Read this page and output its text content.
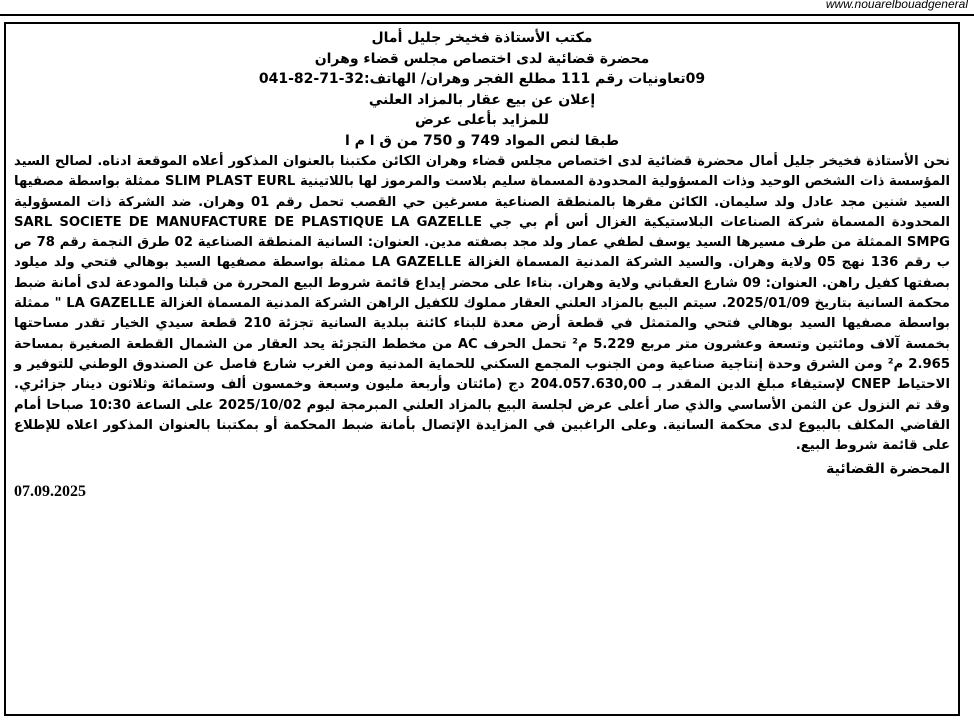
www.nouarelbouadgeneral
مكتب الأستاذة فخيخر جليل أمال
محضرة قضائية لدى اختصاص مجلس قضاء وهران
09تعاونيات رقم 111 مطلع الفجر وهران/ الهاتف:32-71-82-041
إعلان عن بيع عقار بالمزاد العلني
للمزايد بأعلى عرض
طبقا لنص المواد 749 و 750 من ق ا م ا
نحن الأستاذة فخيخر جليل أمال محضرة قضائية لدى اختصاص مجلس قضاء وهران الكائن مكتبنا بالعنوان المذكور أعلاه الموقعة ادناه. لصالح السيد المؤسسة ذات الشخص الوحيد وذات المسؤولية المحدودة المسماة سليم بلاست والمرموز لها باللاتينية SLIM PLAST EURL ممثلة بواسطة مصفيها السيد شنين مجد عادل ولد سليمان. الكائن مقرها بالمنطقة الصناعية مسرغين حي القصب تحمل رقم 01 وهران. ضد الشركة ذات المسؤولية المحدودة المسماة شركة الصناعات البلاستيكية الغزال أس أم بي جي SARL SOCIETE DE MANUFACTURE DE PLASTIQUE LA GAZELLE SMPG الممثلة من طرف مسيرها السيد يوسف لطفي عمار ولد مجد بصفته مدين. العنوان: السانية المنطقة الصناعية 02 طرق النجمة رقم 78 ص ب رقم 136 نهج 05 ولاية وهران. والسيد الشركة المدنية المسماة الغزالة LA GAZELLE ممثلة بواسطة مصفيها السيد بوهالي فتحي ولد ميلود بصفتها كفيل راهن. العنوان: 09 شارع العقباني ولاية وهران. بناءا على محضر إيداع قائمة شروط البيع المحررة من قبلنا والمودعة لدى أمانة ضبط محكمة السانية بتاريخ 2025/01/09. سيتم البيع بالمزاد العلني العقار مملوك للكفيل الراهن الشركة المدنية المسماة الغزالة LA GAZELLE " ممثلة بواسطة مصفيها السيد بوهالي فتحي والمتمثل في قطعة أرض معدة للبناء كائنة ببلدية السانية تجزئة 210 قطعة سيدي الخيار تقدر مساحتها بخمسة آلاف ومائتين وتسعة وعشرون متر مربع 5.229 م² تحمل الحرف AC من مخطط التجزئة يحد العقار من الشمال القطعة الصغيرة بمساحة 2.965 م² ومن الشرق وحدة إنتاجية صناعية ومن الجنوب المجمع السكني للحماية المدنية ومن الغرب شارع فاصل عن الصندوق الوطني للتوفير و الاحتياط CNEP لإستيفاء مبلغ الدين المقدر بـ 204.057.630,00 دج (مائتان وأربعة مليون وسبعة وخمسون ألف وستمائة وثلاثون دينار جزائري. وقد تم النزول عن الثمن الأساسي والذي صار أعلى عرض لجلسة البيع بالمزاد العلني المبرمجة ليوم 2025/10/02 على الساعة 10:30 صباحا أمام القاضي المكلف بالبيوع لدى محكمة السانية. وعلى الراغبين في المزايدة الإتصال بأمانة ضبط المحكمة أو بمكتبنا بالعنوان المذكور اعلاه للإطلاع على قائمة شروط البيع.
المحضرة القضائية
07.09.2025
